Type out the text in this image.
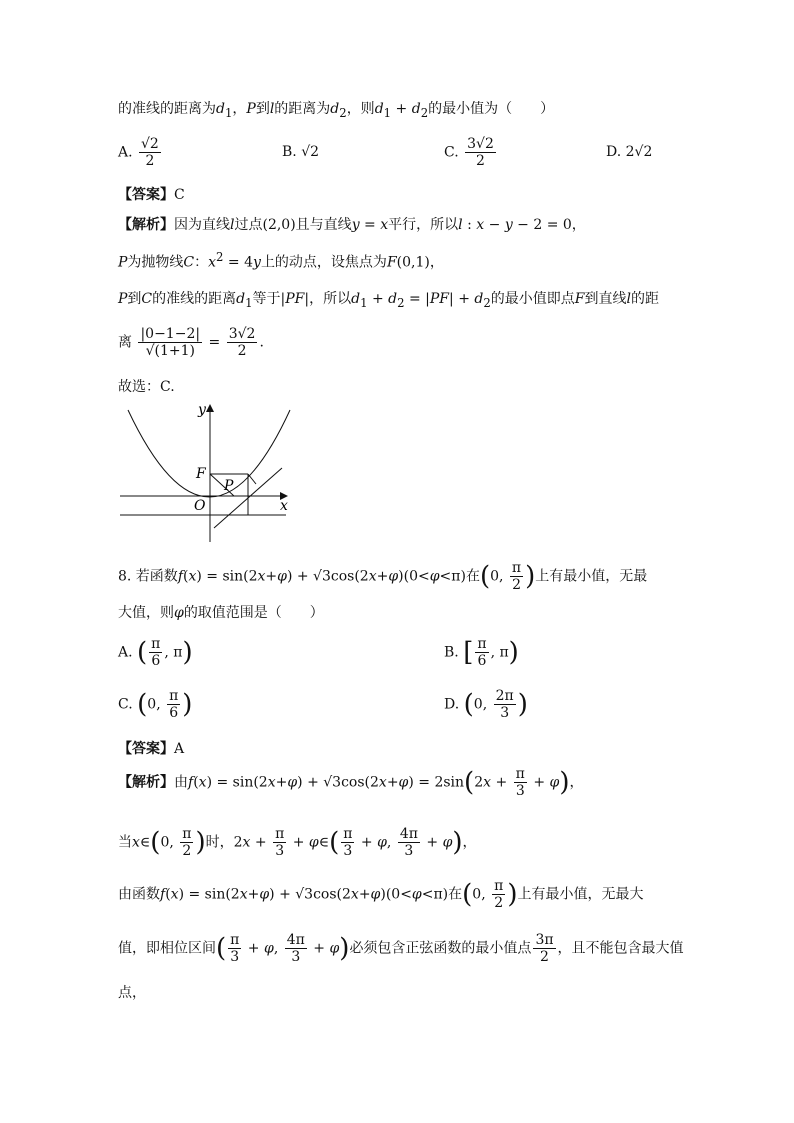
的准线的距离为$d_1$，P到l的距离为$d_2$，则$d_1 + d_2$的最小值为（　　）
A. $\frac{√2}{2}$	B. √2	C. $\frac{3√2}{2}$	D. 2√2
【答案】C
【解析】因为直线l过点(2,0)且与直线y = x平行，所以l : x − y − 2 = 0，
P为抛物线C：$x^2 = 4y$上的动点，设焦点为F(0,1)，
P到C的准线的距离$d_1$等于|PF|，所以$d_1 + d_2 = |PF| + d_2$的最小值即点F到直线l的距
离 $\frac{|0-1-2|}{√(1+1)} = \frac{3√2}{2}$ .
故选：C.
y
x
F
O
P
8. 若函数f(x) = sin(2x+φ) + √3cos(2x+φ)(0<φ<π)在(0, $\frac{\pi}{2}$ )上有最小值，无最
大值，则φ的取值范围是（　　）
A. ( $\frac{\pi}{6}$ , π)	B. [ $\frac{\pi}{6}$ , π)
C. (0, $\frac{\pi}{6}$ )	D. (0, $\frac{2\pi}{3}$ )
【答案】A
【解析】由$f(x) = \sin(2x+\varphi) + √3\cos(2x+\varphi) = 2\sin(2x + \frac{\pi}{3} + \varphi)$，
当x∈(0, $\frac{\pi}{2}$ )时，$2x + \frac{\pi}{3}$ + φ∈( $\frac{\pi}{3} + \varphi$, $\frac{4\pi}{3} + \varphi$)，
由函数f(x) = sin(2x+φ) + √3cos(2x+φ)(0<φ<π)在(0, $\frac{\pi}{2}$ )上有最小值，无最大
值，即相位区间( $\frac{\pi}{3} + \varphi$, $\frac{4\pi}{3} + \varphi$)必须包含正弦函数的最小值点 $\frac{3\pi}{2}$ ，且不能包含最大值
点，
